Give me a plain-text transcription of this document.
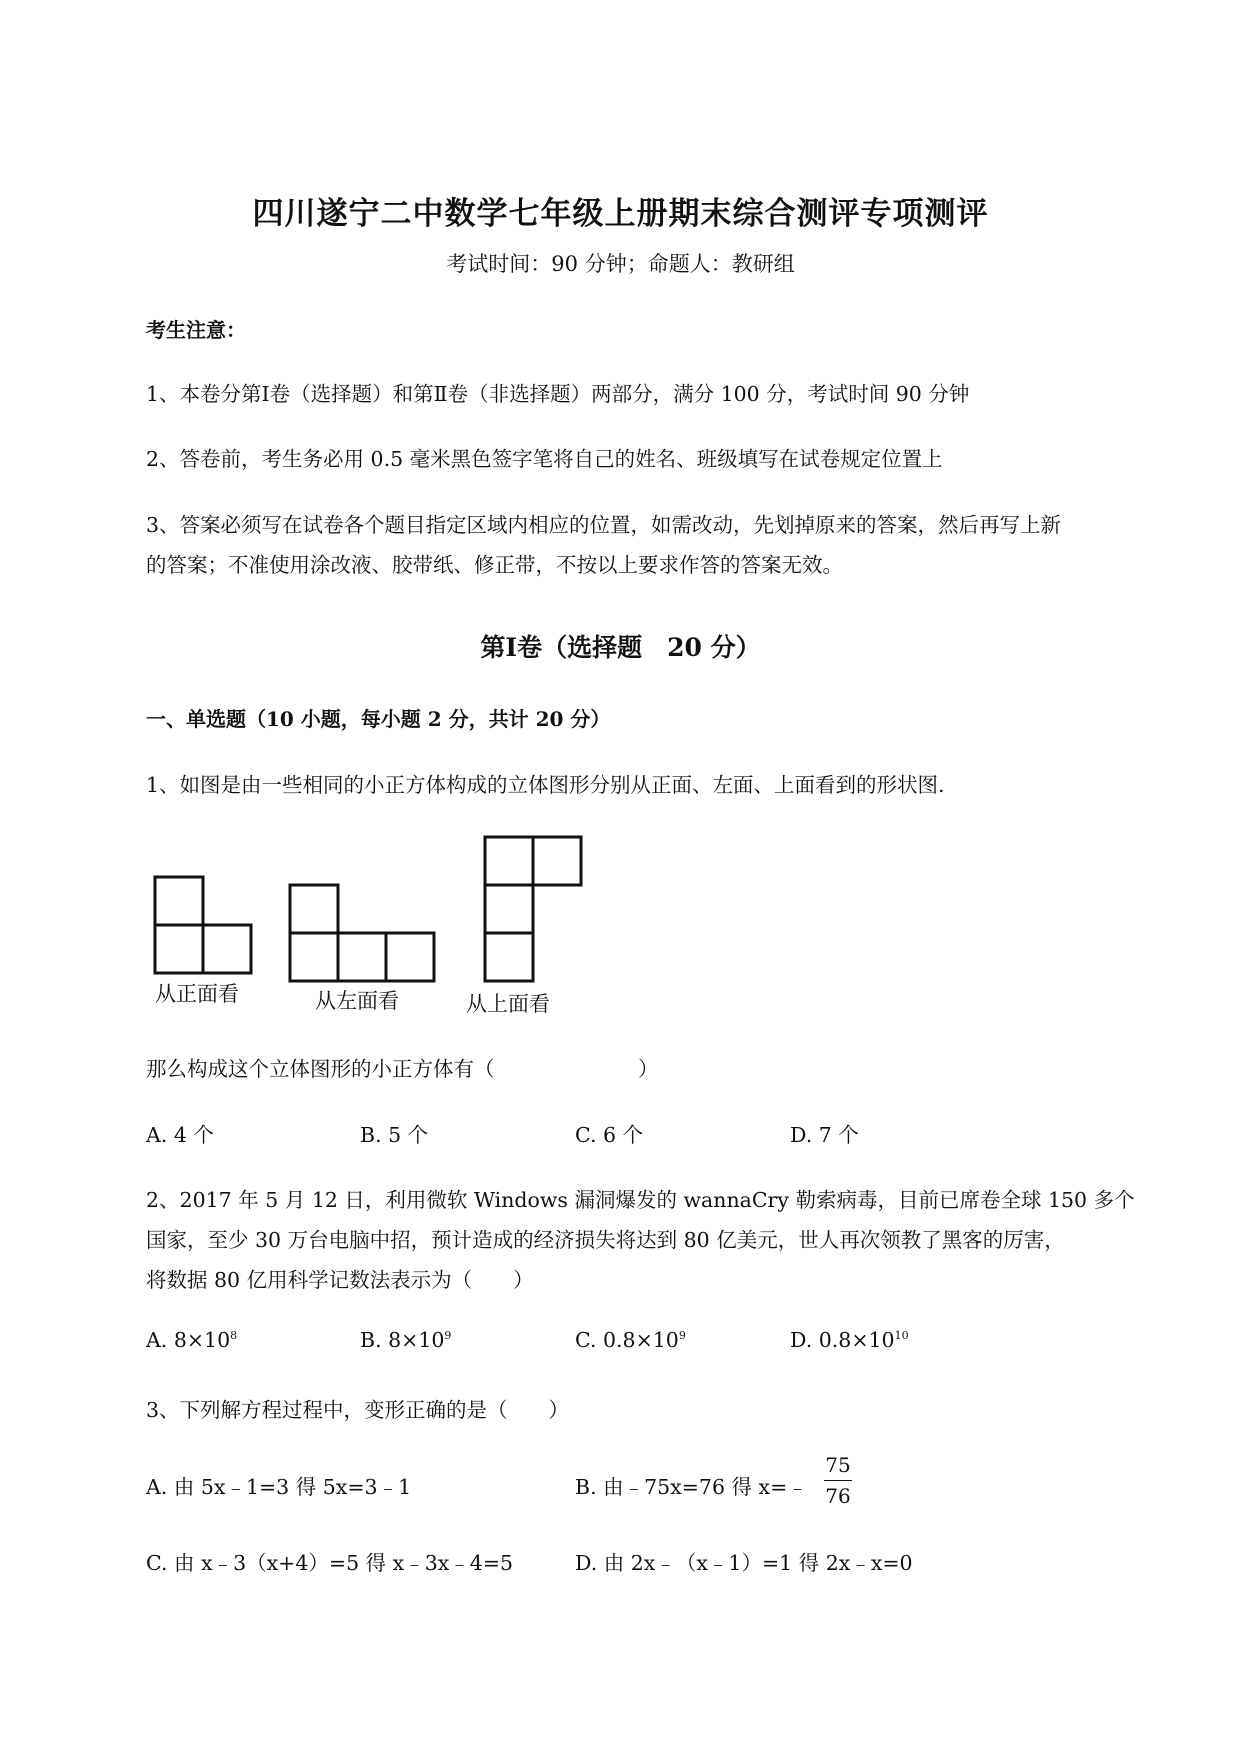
四川遂宁二中数学七年级上册期末综合测评专项测评
考试时间：90 分钟；命题人：教研组
考生注意：
1、本卷分第Ⅰ卷（选择题）和第Ⅱ卷（非选择题）两部分，满分 100 分，考试时间 90 分钟
2、答卷前，考生务必用 0.5 毫米黑色签字笔将自己的姓名、班级填写在试卷规定位置上
3、答案必须写在试卷各个题目指定区域内相应的位置，如需改动，先划掉原来的答案，然后再写上新
的答案；不准使用涂改液、胶带纸、修正带，不按以上要求作答的答案无效。
第Ⅰ卷（选择题　20 分）
一、单选题（10 小题，每小题 2 分，共计 20 分）
1、如图是由一些相同的小正方体构成的立体图形分别从正面、左面、上面看到的形状图.
从正面看	从左面看	从上面看
那么构成这个立体图形的小正方体有（　　　　　　　）
A. 4 个	B. 5 个	C. 6 个	D. 7 个
2、2017 年 5 月 12 日，利用微软 Windows 漏洞爆发的 wannaCry 勒索病毒，目前已席卷全球 150 多个
国家，至少 30 万台电脑中招，预计造成的经济损失将达到 80 亿美元，世人再次领教了黑客的厉害，
将数据 80 亿用科学记数法表示为（　　）
A. $8\times 10^8$	B. $8\times 10^9$	C. $0.8\times 10^9$	D. $0.8\times 10^{10}$
3、下列解方程过程中，变形正确的是（　　）
A. 由 5x﹣1=3 得 5x=3﹣1	B. 由﹣75x=76 得 x=﹣
75
76
C. 由 x﹣3（x+4）=5 得 x﹣3x﹣4=5	D. 由 2x﹣（x﹣1）=1 得 2x﹣x=0
